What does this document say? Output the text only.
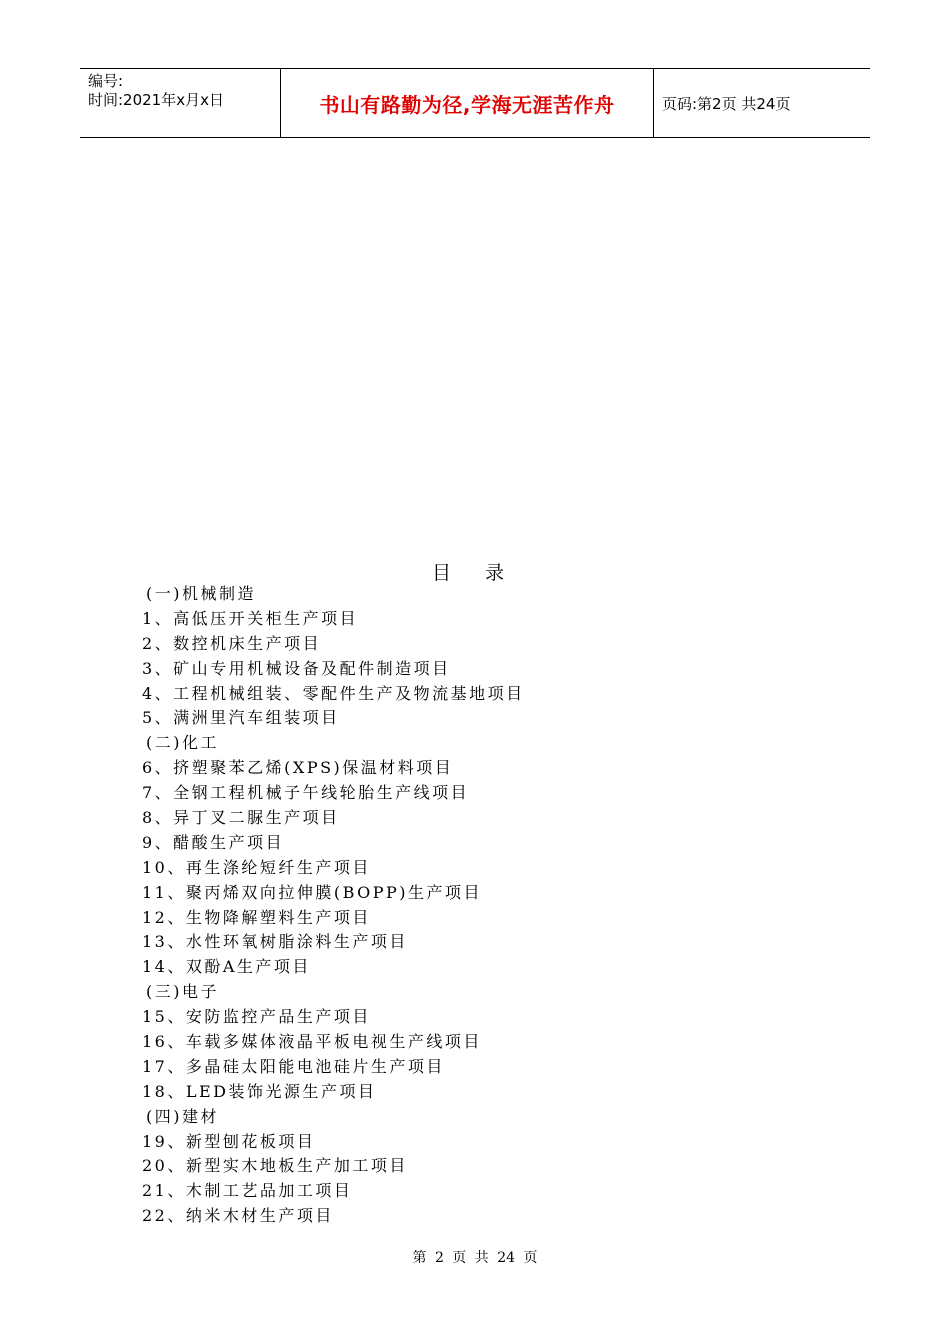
编号:
时间:2021年x月x日	书山有路勤为径,学海无涯苦作舟	页码:第2页 共24页
目 录
(一)机械制造
1、高低压开关柜生产项目
2、数控机床生产项目
3、矿山专用机械设备及配件制造项目
4、工程机械组装、零配件生产及物流基地项目
5、满洲里汽车组装项目
(二)化工
6、挤塑聚苯乙烯(XPS)保温材料项目
7、全钢工程机械子午线轮胎生产线项目
8、异丁叉二脲生产项目
9、醋酸生产项目
10、再生涤纶短纤生产项目
11、聚丙烯双向拉伸膜(BOPP)生产项目
12、生物降解塑料生产项目
13、水性环氧树脂涂料生产项目
14、双酚A生产项目
(三)电子
15、安防监控产品生产项目
16、车载多媒体液晶平板电视生产线项目
17、多晶硅太阳能电池硅片生产项目
18、LED装饰光源生产项目
(四)建材
19、新型刨花板项目
20、新型实木地板生产加工项目
21、木制工艺品加工项目
22、纳米木材生产项目
第 2 页 共 24 页
